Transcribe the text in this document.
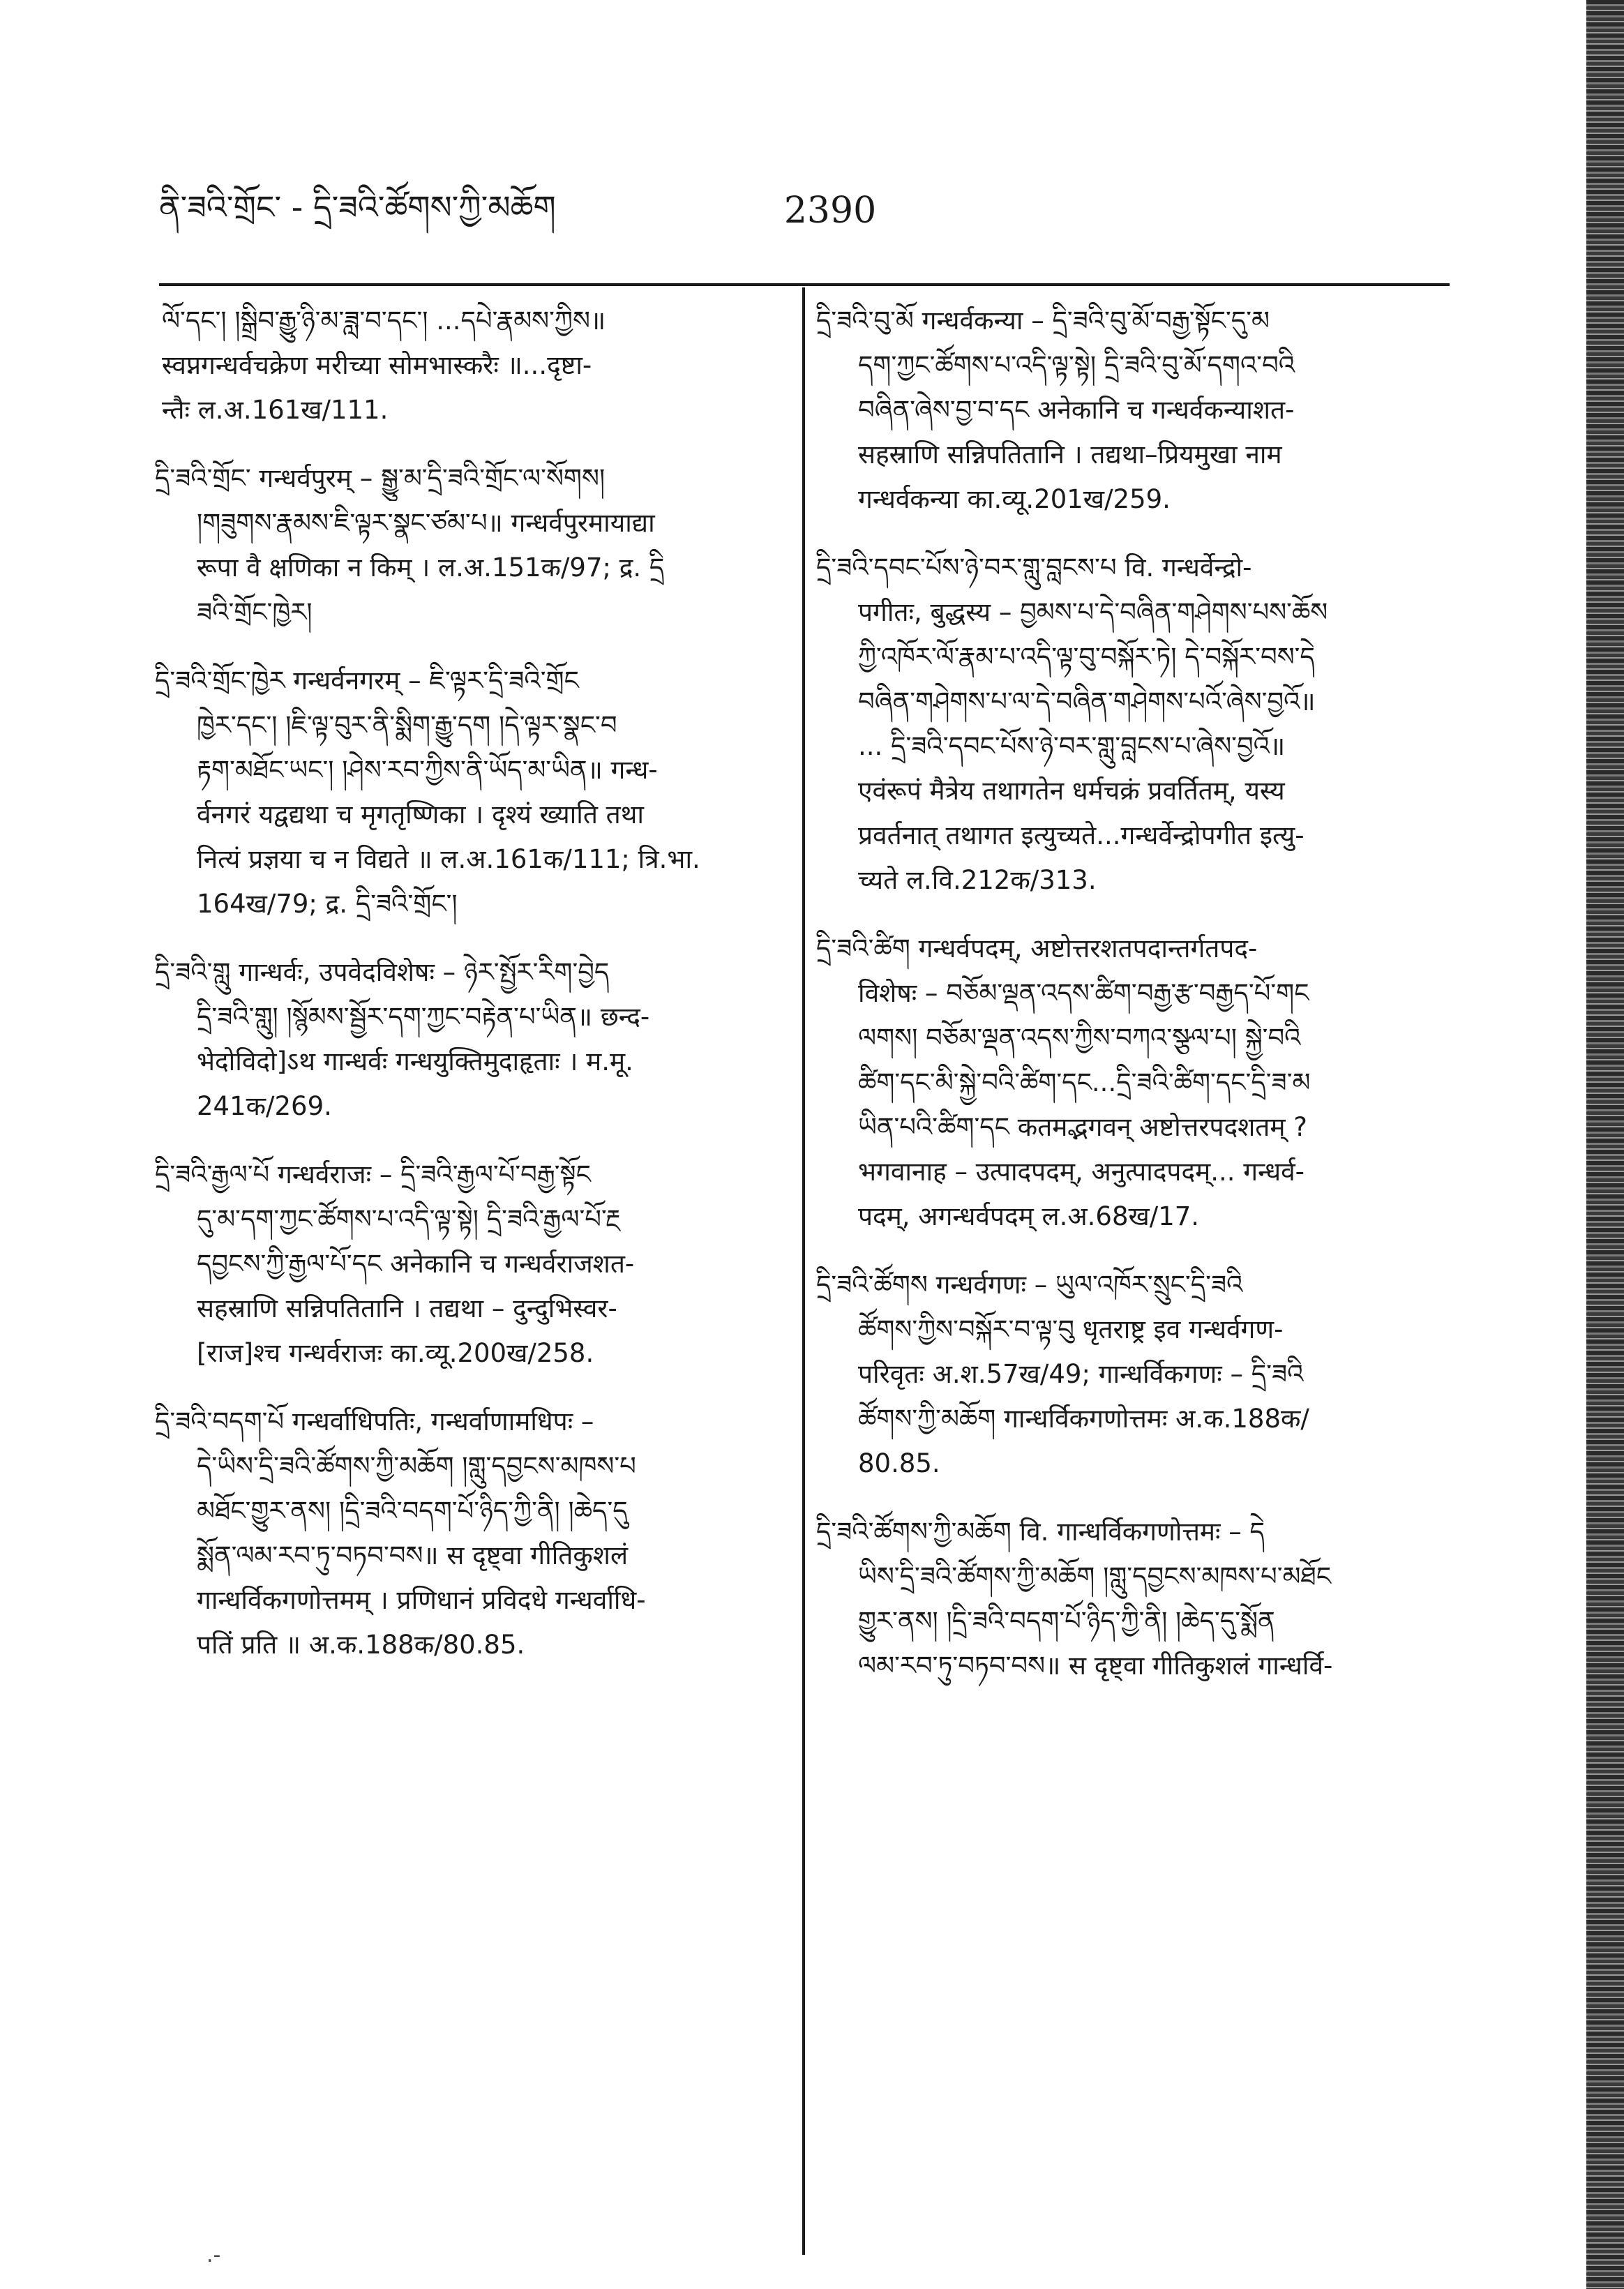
ནི་ཟའི་གྲོང་ - དྲི་ཟའི་ཚོགས་ཀྱི་མཆོག	2390
ལོ་དང་། །སྒྲིབ་རྒྱུ་ཉི་མ་ཟླ་བ་དང་། ...དཔེ་རྣམས་ཀྱིས॥
स्वप्नगन्धर्वचक्रेण मरीच्या सोमभास्करैः ॥...दृष्टा-
न्तैः ल.अ.161ख/111.
དྲི་ཟའི་གྲོང་ गन्धर्वपुरम् – སྒྱུ་མ་དྲི་ཟའི་གྲོང་ལ་སོགས།
།གཟུགས་རྣམས་ཇི་ལྟར་སྣང་ཙམ་པ॥ गन्धर्वपुरमायाद्या
रूपा वै क्षणिका न किम् । ल.अ.151क/97; द्र. དྲི
ཟའི་གྲོང་ཁྱེར།
དྲི་ཟའི་གྲོང་ཁྱེར गन्धर्वनगरम् – ཇི་ལྟར་དྲི་ཟའི་གྲོང
ཁྱེར་དང་། །ཇི་ལྟ་བུར་ནི་སྨིག་རྒྱུ་དག །དེ་ལྟར་སྣང་བ
རྟག་མཐོང་ཡང་། །ཤེས་རབ་ཀྱིས་ནི་ཡོད་མ་ཡིན॥ गन्ध-
र्वनगरं यद्वद्यथा च मृगतृष्णिका । दृश्यं ख्याति तथा
नित्यं प्रज्ञया च न विद्यते ॥ ल.अ.161क/111; त्रि.भा.
164ख/79; द्र. དྲི་ཟའི་གྲོང་།
དྲི་ཟའི་གླུ गान्धर्वः, उपवेदविशेषः – ཉེར་སྤྱོར་རིག་བྱེད
དྲི་ཟའི་གླུ། །སྙོམས་སྦྱོར་དག་ཀྱང་བརྟེན་པ་ཡིན॥ छन्द-
भेदोविदो]ऽथ गान्धर्वः गन्धयुक्तिमुदाहृताः । म.मू.
241क/269.
དྲི་ཟའི་རྒྱལ་པོ गन्धर्वराजः – དྲི་ཟའི་རྒྱལ་པོ་བརྒྱ་སྟོང
དུ་མ་དག་ཀྱང་ཚོགས་པ་འདི་ལྟ་སྟེ། དྲི་ཟའི་རྒྱལ་པོ་རྔ
དབྱངས་ཀྱི་རྒྱལ་པོ་དང अनेकानि च गन्धर्वराजशत-
सहस्राणि सन्निपतितानि । तद्यथा – दुन्दुभिस्वर-
[राज]श्च गन्धर्वराजः का.व्यू.200ख/258.
དྲི་ཟའི་བདག་པོ गन्धर्वाधिपतिः, गन्धर्वाणामधिपः –
དེ་ཡིས་དྲི་ཟའི་ཚོགས་ཀྱི་མཆོག །གླུ་དབྱངས་མཁས་པ
མཐོང་གྱུར་ནས། །དྲི་ཟའི་བདག་པོ་ཉིད་ཀྱི་ནི། །ཆེད་དུ
སྨོན་ལམ་རབ་ཏུ་བཏབ་བས॥ स दृष्ट्वा गीतिकुशलं
गान्धर्विकगणोत्तमम् । प्रणिधानं प्रविदधे गन्धर्वाधि-
पतिं प्रति ॥ अ.क.188क/80.85.
དྲི་ཟའི་བུ་མོ गन्धर्वकन्या – དྲི་ཟའི་བུ་མོ་བརྒྱ་སྟོང་དུ་མ
དག་ཀྱང་ཚོགས་པ་འདི་ལྟ་སྟེ། དྲི་ཟའི་བུ་མོ་དགའ་བའི
བཞིན་ཞེས་བྱ་བ་དང अनेकानि च गन्धर्वकन्याशत-
सहस्राणि सन्निपतितानि । तद्यथा–प्रियमुखा नाम
गन्धर्वकन्या का.व्यू.201ख/259.
དྲི་ཟའི་དབང་པོས་ཉེ་བར་གླུ་བླངས་པ वि. गन्धर्वेन्द्रो-
पगीतः, बुद्धस्य – བྱམས་པ་དེ་བཞིན་གཤེགས་པས་ཆོས
ཀྱི་འཁོར་ལོ་རྣམ་པ་འདི་ལྟ་བུ་བསྐོར་ཏེ། དེ་བསྐོར་བས་དེ
བཞིན་གཤེགས་པ་ལ་དེ་བཞིན་གཤེགས་པའོ་ཞེས་བྱའོ॥
... དྲི་ཟའི་དབང་པོས་ཉེ་བར་གླུ་བླངས་པ་ཞེས་བྱའོ॥
एवंरूपं मैत्रेय तथागतेन धर्मचक्रं प्रवर्तितम्, यस्य
प्रवर्तनात् तथागत इत्युच्यते...गन्धर्वेन्द्रोपगीत इत्यु-
च्यते ल.वि.212क/313.
དྲི་ཟའི་ཚིག गन्धर्वपदम्, अष्टोत्तरशतपदान्तर्गतपद-
विशेषः – བཅོམ་ལྡན་འདས་ཚིག་བརྒྱ་རྩ་བརྒྱད་པོ་གང
ལགས། བཅོམ་ལྡན་འདས་ཀྱིས་བཀའ་སྩལ་པ། སྐྱེ་བའི
ཚིག་དང་མི་སྐྱེ་བའི་ཚིག་དང...དྲི་ཟའི་ཚིག་དང་དྲི་ཟ་མ
ཡིན་པའི་ཚིག་དང कतमद्भगवन् अष्टोत्तरपदशतम् ?
भगवानाह – उत्पादपदम्, अनुत्पादपदम्... गन्धर्व-
पदम्, अगन्धर्वपदम् ल.अ.68ख/17.
དྲི་ཟའི་ཚོགས गन्धर्वगणः – ཡུལ་འཁོར་སྲུང་དྲི་ཟའི
ཚོགས་ཀྱིས་བསྐོར་བ་ལྟ་བུ धृतराष्ट्र इव गन्धर्वगण-
परिवृतः अ.श.57ख/49; गान्धर्विकगणः – དྲི་ཟའི
ཚོགས་ཀྱི་མཆོག गान्धर्विकगणोत्तमः अ.क.188क/
80.85.
དྲི་ཟའི་ཚོགས་ཀྱི་མཆོག वि. गान्धर्विकगणोत्तमः – དེ
ཡིས་དྲི་ཟའི་ཚོགས་ཀྱི་མཆོག །གླུ་དབྱངས་མཁས་པ་མཐོང
གྱུར་ནས། །དྲི་ཟའི་བདག་པོ་ཉིད་ཀྱི་ནི། །ཆེད་དུ་སྨོན
ལམ་རབ་ཏུ་བཏབ་བས॥ स दृष्ट्वा गीतिकुशलं गान्धर्वि-
.-
